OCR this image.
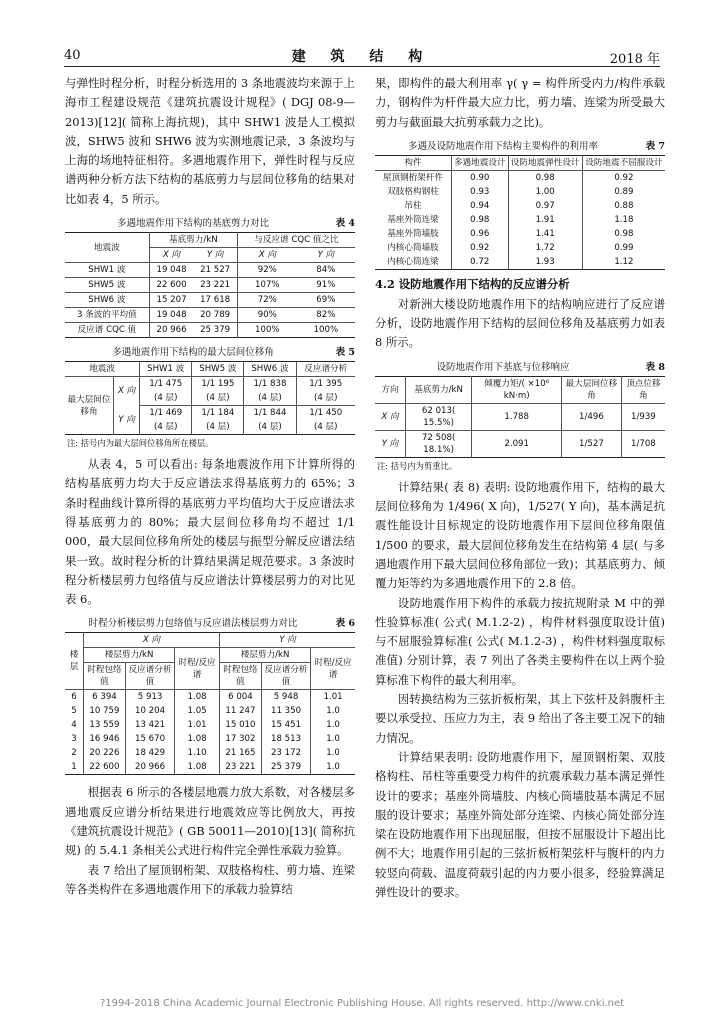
40	建 筑 结 构	2018 年

与弹性时程分析，时程分析选用的 3 条地震波均来源于上海市工程建设规范《建筑抗震设计规程》( DGJ 08-9—2013)[12]( 简称上海抗规)，其中 SHW1 波是人工模拟波，SHW5 波和 SHW6 波为实测地震记录，3 条波均与上海的场地特征相符。多遇地震作用下，弹性时程与反应谱两种分析方法下结构的基底剪力与层间位移角的结果对比如表 4，5 所示。

多遇地震作用下结构的基底剪力对比	表 4
地震波	基底剪力/kN		与反应谱 CQC 值之比	
	X 向	Y 向	X 向	Y 向
SHW1 波	19 048	21 527	92%	84%
SHW5 波	22 600	23 221	107%	91%
SHW6 波	15 207	17 618	72%	69%
3 条波的平均值	19 048	20 789	90%	82%
反应谱 CQC 值	20 966	25 379	100%	100%
多遇地震作用下结构的最大层间位移角	表 5
地震波		SHW1 波	SHW5 波	SHW6 波	反应谱分析
最大层间位移角	X 向	1/1 475	1/1 195	1/1 838	1/1 395
		(4 层)	(4 层)	(4 层)	(4 层)
	Y 向	1/1 469	1/1 184	1/1 844	1/1 450
		(4 层)	(4 层)	(4 层)	(4 层)
注: 括号内为最大层间位移角所在楼层。

从表 4，5 可以看出: 每条地震波作用下计算所得的结构基底剪力均大于反应谱法求得基底剪力的 65%；3 条时程曲线计算所得的基底剪力平均值均大于反应谱法求得基底剪力的 80%；最大层间位移角均不超过 1/1 000，最大层间位移角所处的楼层与振型分解反应谱法结果一致。故时程分析的计算结果满足规范要求。3 条波时程分析楼层剪力包络值与反应谱法计算楼层剪力的对比见表 6。

时程分析楼层剪力包络值与反应谱法楼层剪力对比	表 6
楼层	X 向			Y 向		
	楼层剪力/kN		时程/反应谱	楼层剪力/kN		时程/反应谱
	时程包络值	反应谱分析值		时程包络值	反应谱分析值	
6	6 394	5 913	1.08	6 004	5 948	1.01
5	10 759	10 204	1.05	11 247	11 350	1.0
4	13 559	13 421	1.01	15 010	15 451	1.0
3	16 946	15 670	1.08	17 302	18 513	1.0
2	20 226	18 429	1.10	21 165	23 172	1.0
1	22 600	20 966	1.08	23 221	25 379	1.0

根据表 6 所示的各楼层地震力放大系数，对各楼层多遇地震反应谱分析结果进行地震效应等比例放大，再按《建筑抗震设计规范》( GB 50011—2010)[13]( 简称抗规) 的 5.4.1 条相关公式进行构件完全弹性承载力验算。

表 7 给出了屋顶钢桁架、双肢格构柱、剪力墙、连梁等各类构件在多遇地震作用下的承载力验算结

果，即构件的最大利用率 γ( γ = 构件所受内力/构件承载力，钢构件为杆件最大应力比，剪力墙、连梁为所受最大剪力与截面最大抗剪承载力之比)。

多遇及设防地震作用下结构主要构件的利用率	表 7
构件	多遇地震设计	设防地震弹性设计	设防地震不屈服设计
屋顶钢桁架杆件	0.90	0.98	0.92
双肢格构钢柱	0.93	1.00	0.89
吊柱	0.94	0.97	0.88
基座外筒连梁	0.98	1.91	1.18
基座外筒墙肢	0.96	1.41	0.98
内核心筒墙肢	0.92	1.72	0.99
内核心筒连梁	0.72	1.93	1.12
4.2 设防地震作用下结构的反应谱分析

对新洲大楼设防地震作用下的结构响应进行了反应谱分析，设防地震作用下结构的层间位移角及基底剪力如表 8 所示。

设防地震作用下基底与位移响应	表 8
方向	基底剪力/kN	倾覆力矩/( ×10⁶ kN·m)	最大层间位移角	顶点位移角
X 向	62 013( 15.5%)	1.788	1/496	1/939
Y 向	72 508( 18.1%)	2.091	1/527	1/708
注: 括号内为剪重比。

计算结果( 表 8) 表明: 设防地震作用下，结构的最大层间位移角为 1/496( X 向)，1/527( Y 向)，基本满足抗震性能设计目标规定的设防地震作用下层间位移角限值 1/500 的要求，最大层间位移角发生在结构第 4 层( 与多遇地震作用下最大层间位移角部位一致)；其基底剪力、倾覆力矩等约为多遇地震作用下的 2.8 倍。

设防地震作用下构件的承载力按抗规附录 M 中的弹性验算标准( 公式( M.1.2-2) ，构件材料强度取设计值) 与不屈服验算标准( 公式( M.1.2-3) ，构件材料强度取标准值) 分别计算，表 7 列出了各类主要构件在以上两个验算标准下构件的最大利用率。

因转换结构为三弦折板桁架，其上下弦杆及斜腹杆主要以承受拉、压应力为主，表 9 给出了各主要工况下的轴力情况。

计算结果表明: 设防地震作用下，屋顶钢桁架、双肢格构柱、吊柱等重要受力构件的抗震承载力基本满足弹性设计的要求；基座外筒墙肢、内核心筒墙肢基本满足不屈服的设计要求；基座外筒处部分连梁、内核心筒处部分连梁在设防地震作用下出现屈服，但按不屈服设计下超出比例不大；地震作用引起的三弦折板桁架弦杆与腹杆的内力较竖向荷载、温度荷载引起的内力要小很多，经验算满足弹性设计的要求。

?1994-2018 China Academic Journal Electronic Publishing House. All rights reserved. http://www.cnki.net
